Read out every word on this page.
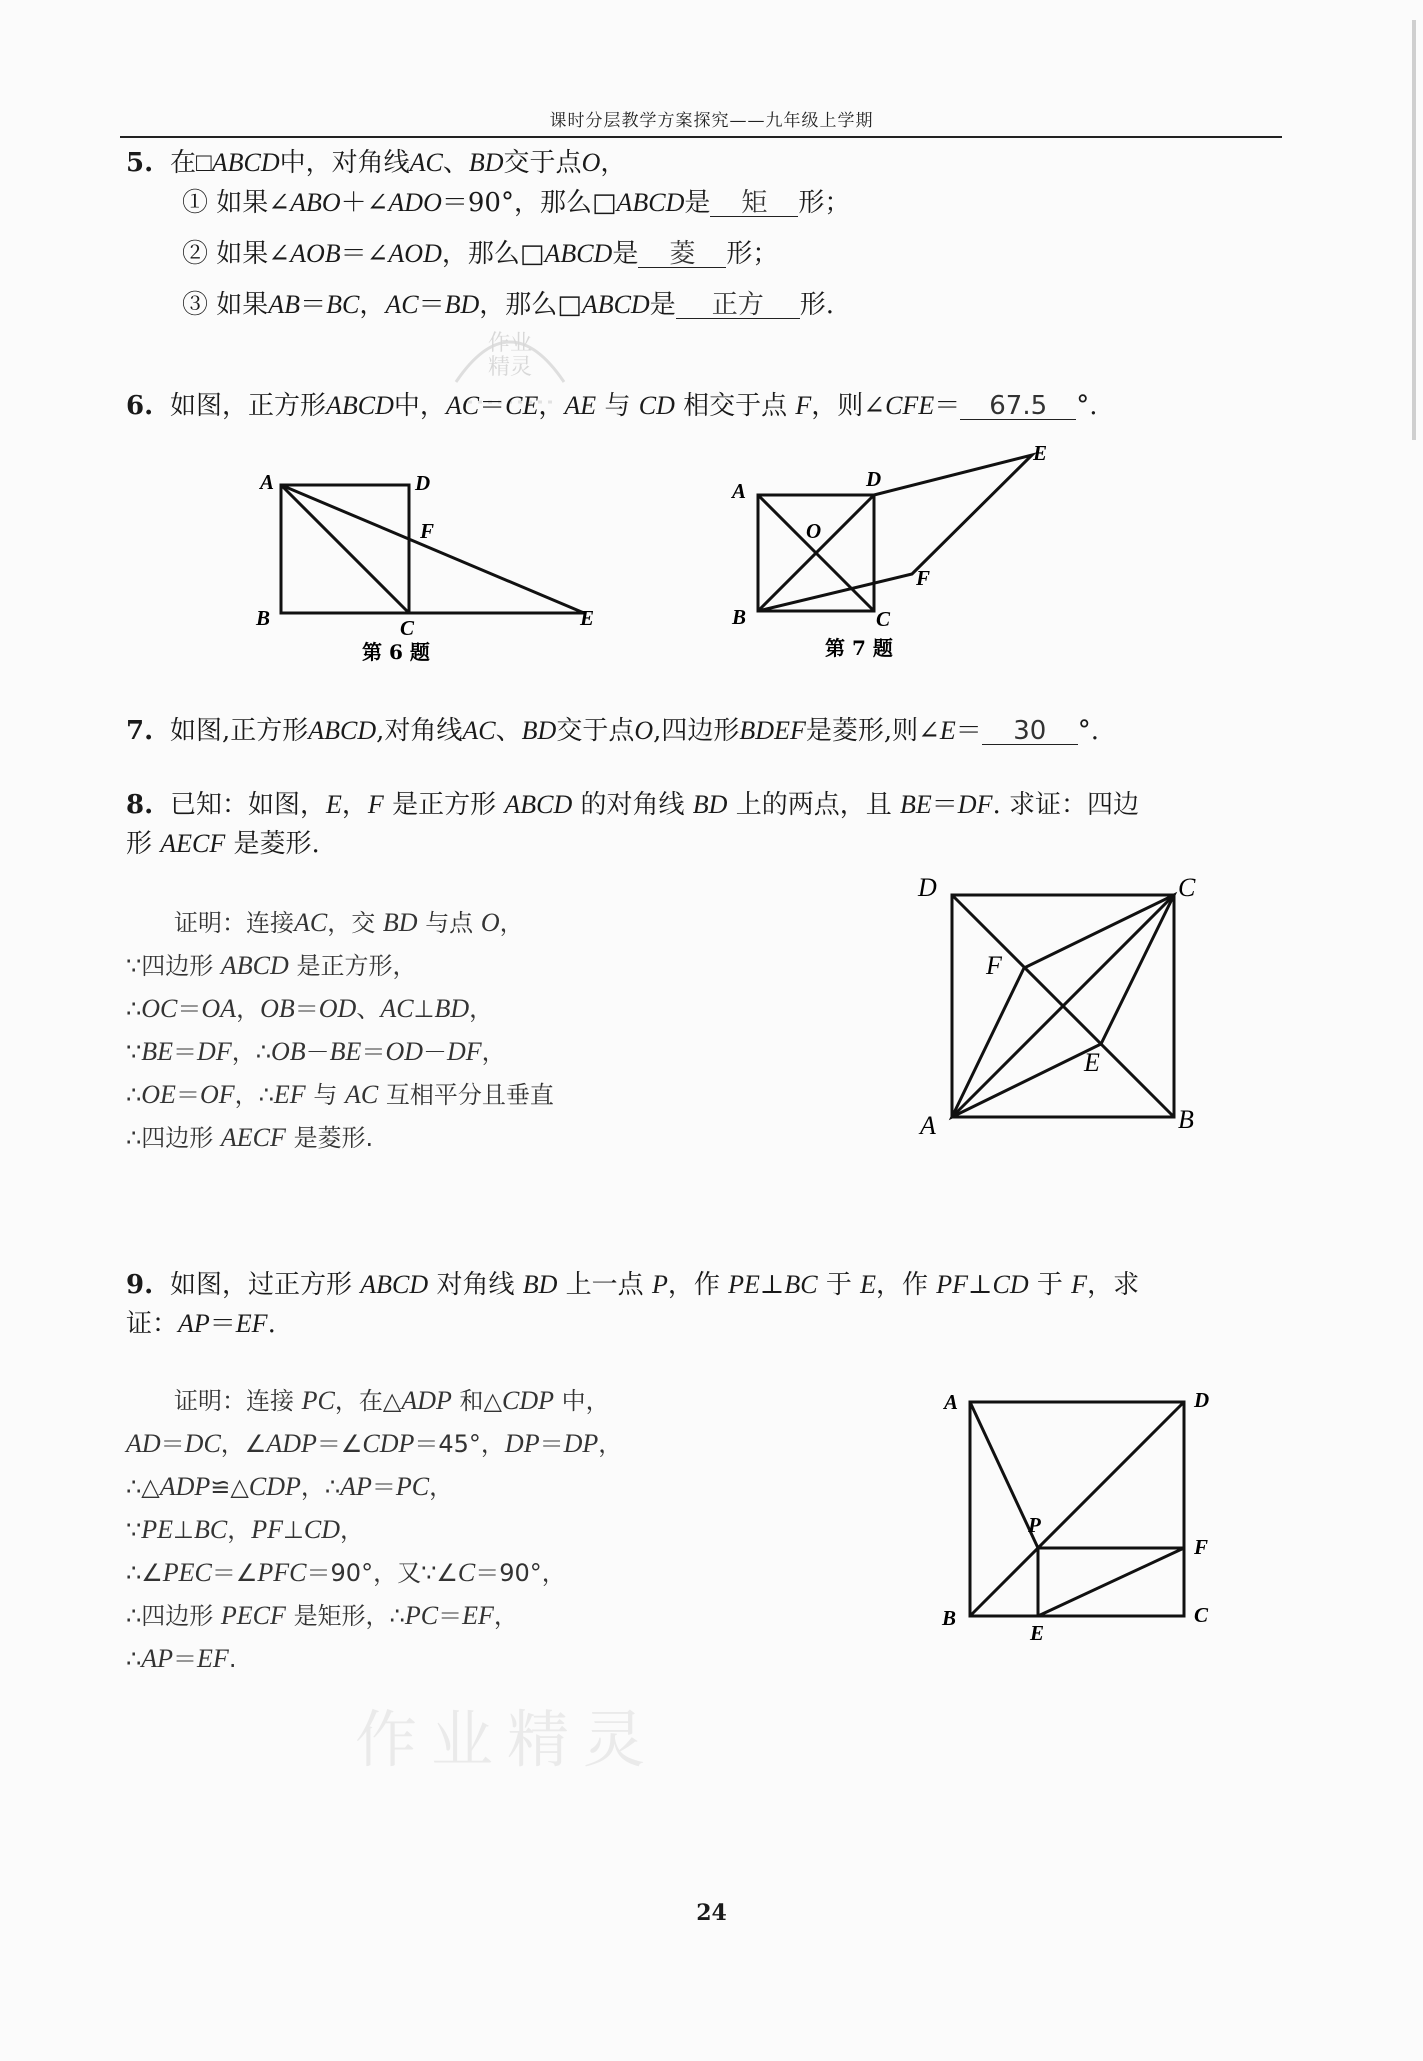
课时分层教学方案探究——九年级上学期
5. 在□ABCD中，对角线AC、BD交于点O，
① 如果∠ABO＋∠ADO＝90°，那么□ABCD是 矩 形；
② 如果∠AOB＝∠AOD，那么□ABCD是 菱 形；
③ 如果AB＝BC，AC＝BD，那么□ABCD是 正方 形.
作业精灵
6. 如图，正方形ABCD中，AC＝CE，AE 与 CD 相交于点 F，则∠CFE＝ 67.5 °.
A	D
F
B	C	E
第 6 题
A	D
E
O
F
B	C
第 7 题
7. 如图,正方形ABCD,对角线AC、BD交于点O,四边形BDEF是菱形,则∠E＝ 30 °.
8. 已知：如图，E，F 是正方形 ABCD 的对角线 BD 上的两点，且 BE＝DF. 求证：四边
形 AECF 是菱形.
证明：连接AC，交 BD 与点 O，
∵四边形 ABCD 是正方形，
∴OC＝OA，OB＝OD、AC⊥BD，
∵BE＝DF，∴OB－BE＝OD－DF，
∴OE＝OF，∴EF 与 AC 互相平分且垂直
∴四边形 AECF 是菱形.
D	C
F
E
A	B
9. 如图，过正方形 ABCD 对角线 BD 上一点 P，作 PE⊥BC 于 E，作 PF⊥CD 于 F，求
证：AP＝EF.
证明：连接 PC，在△ADP 和△CDP 中，
AD＝DC，∠ADP＝∠CDP＝45°，DP＝DP，
∴△ADP≌△CDP，∴AP＝PC，
∵PE⊥BC，PF⊥CD，
∴∠PEC＝∠PFC＝90°，又∵∠C＝90°，
∴四边形 PECF 是矩形，∴PC＝EF，
∴AP＝EF.
A	D
P
F
B	C
E
作业精灵
24
